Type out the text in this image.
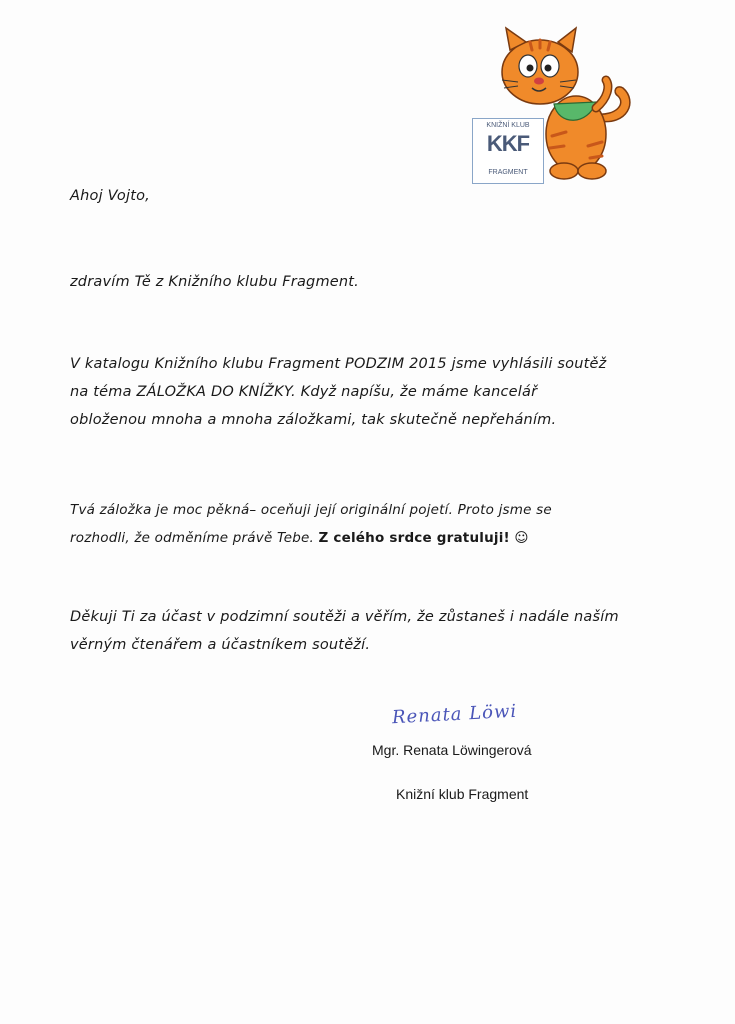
KNIŽNÍ KLUB
KKF
FRAGMENT
Ahoj Vojto,
zdravím Tě z Knižního klubu Fragment.
V katalogu Knižního klubu Fragment PODZIM 2015 jsme vyhlásili soutěž
na téma ZÁLOŽKA DO KNÍŽKY. Když napíšu, že máme kancelář
obloženou mnoha a mnoha záložkami, tak skutečně nepřeháním.
Tvá záložka je moc pěkná– oceňuji její originální pojetí. Proto jsme se
rozhodli, že odměníme právě Tebe. Z celého srdce gratuluji! ☺
Děkuji Ti za účast v podzimní soutěži a věřím, že zůstaneš i nadále naším
věrným čtenářem a účastníkem soutěží.
Renata Löwi
Mgr. Renata Löwingerová
Knižní klub Fragment
